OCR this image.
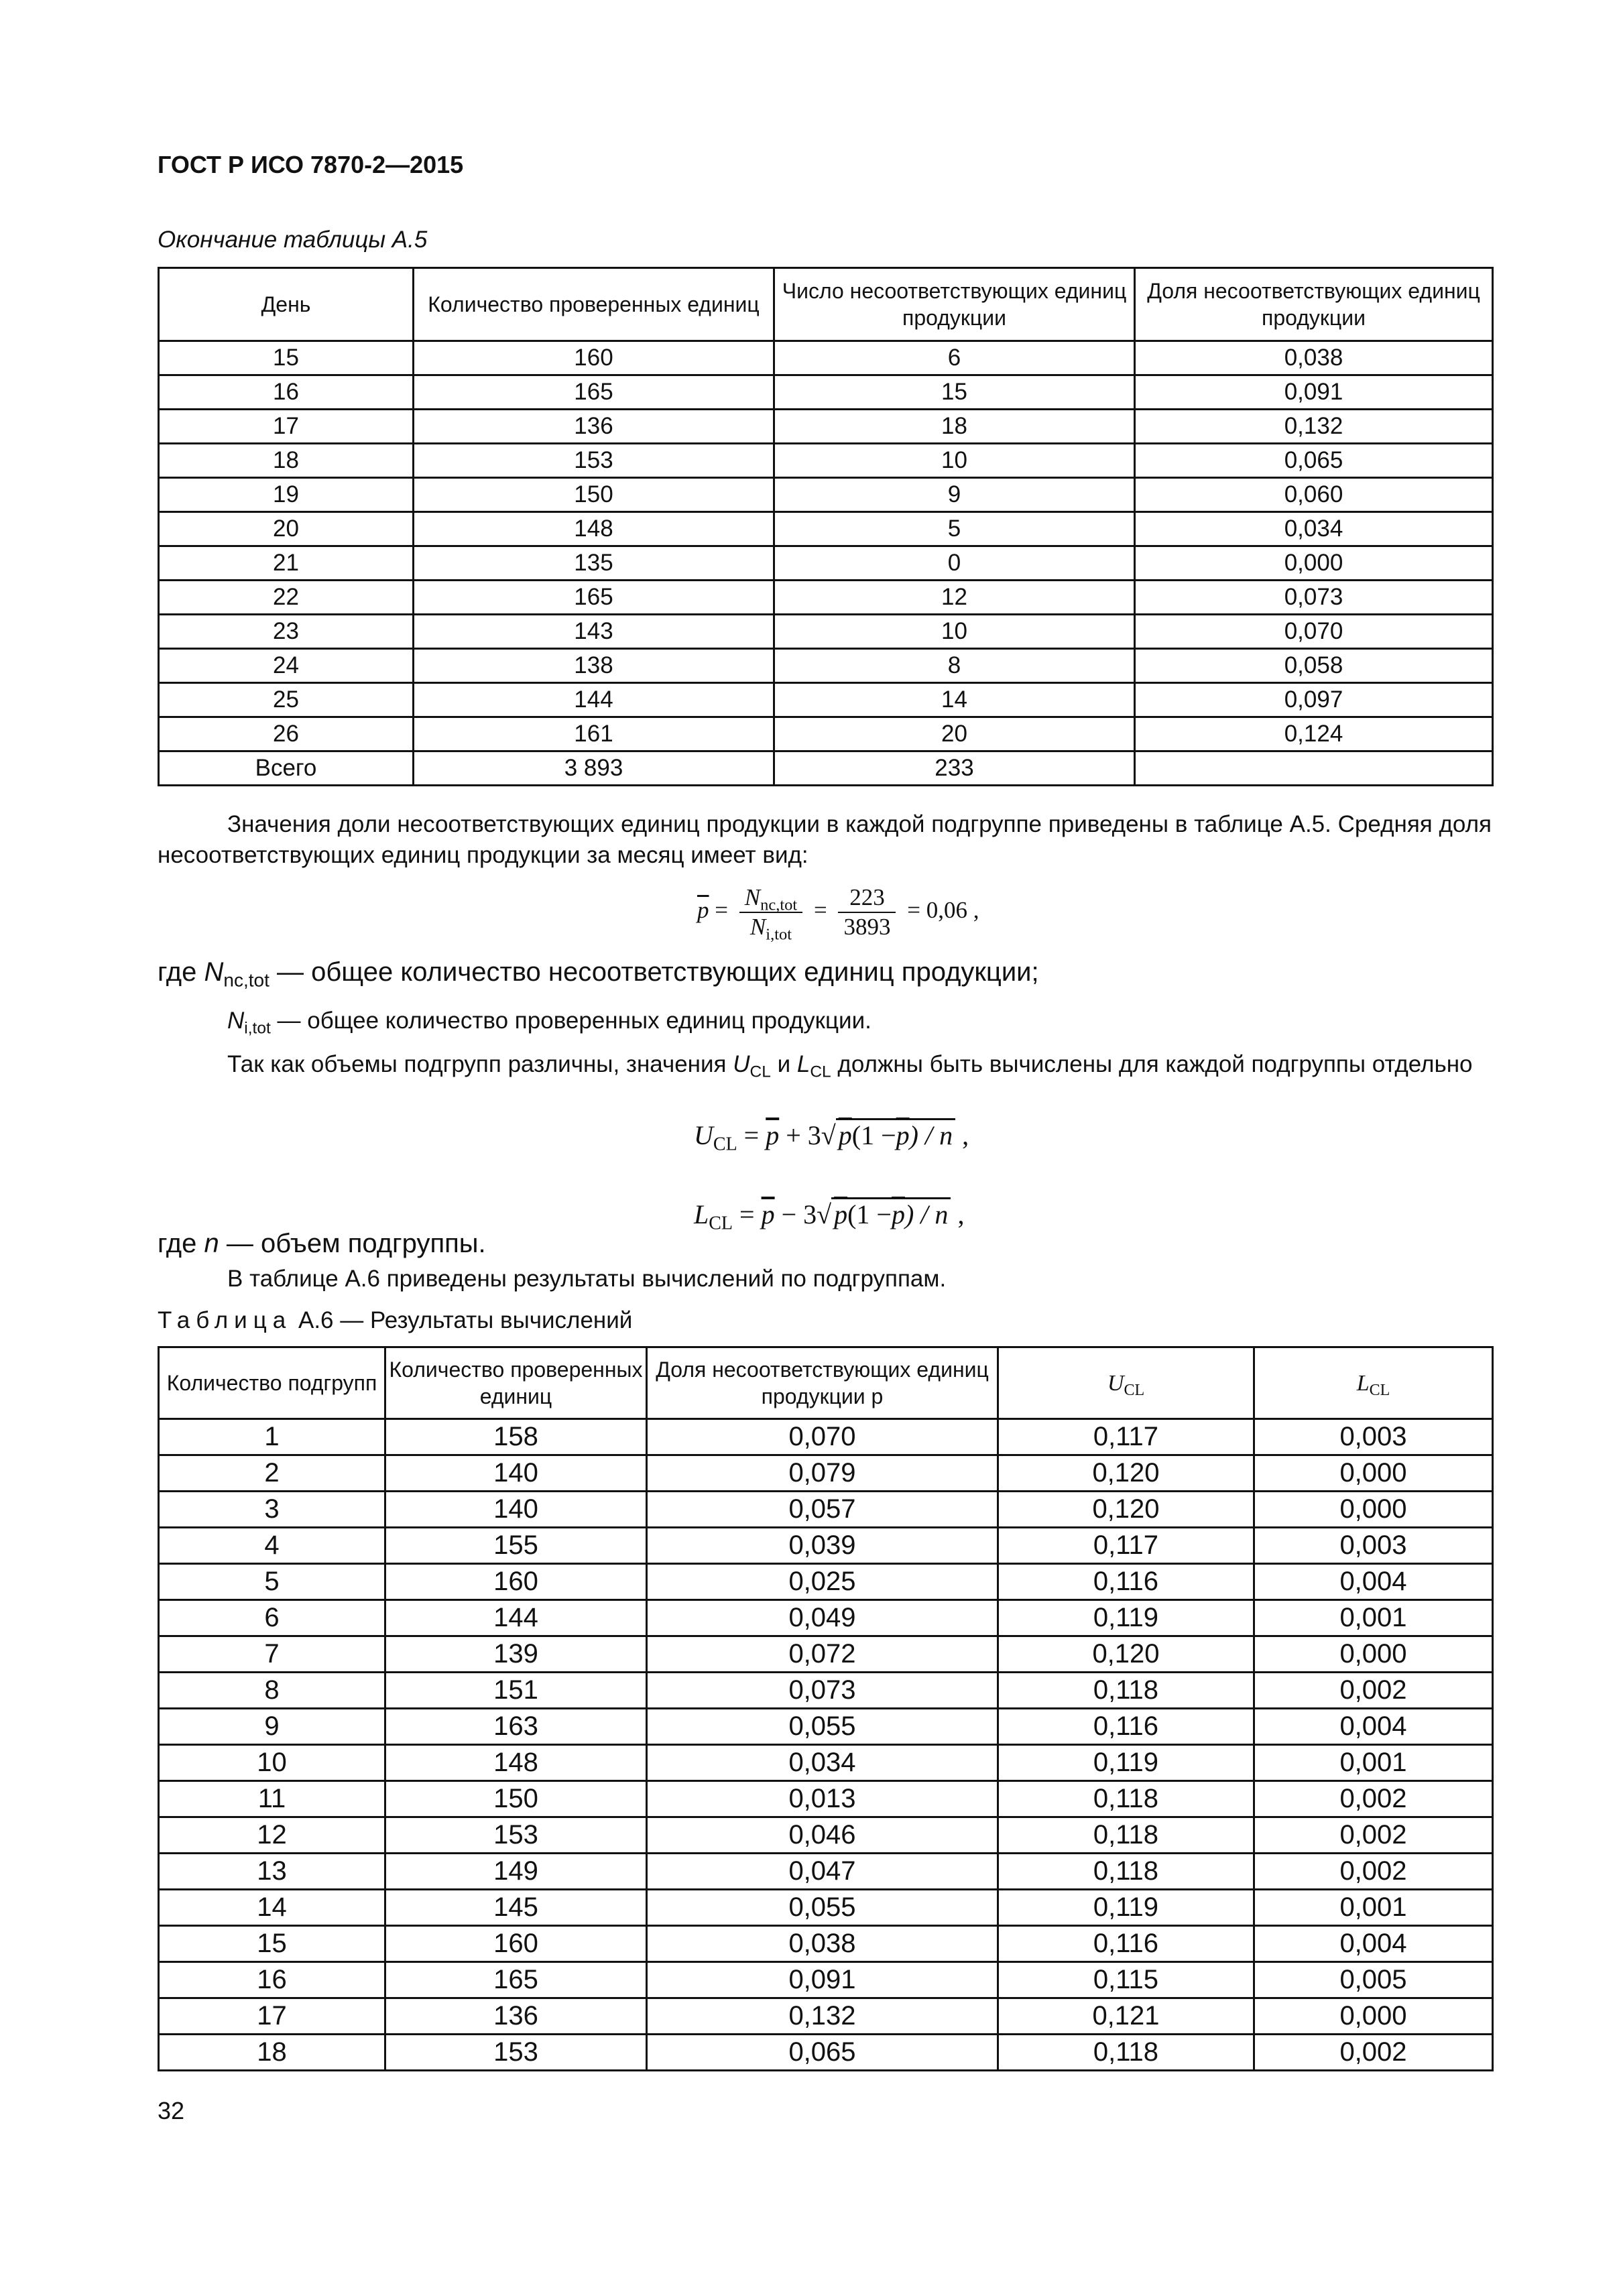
ГОСТ Р ИСО 7870-2—2015
Окончание таблицы А.5
День	Количество проверенных единиц	Число несоответствующих единиц продукции	Доля несоответствующих единиц продукции
15	160	6	0,038
16	165	15	0,091
17	136	18	0,132
18	153	10	0,065
19	150	9	0,060
20	148	5	0,034
21	135	0	0,000
22	165	12	0,073
23	143	10	0,070
24	138	8	0,058
25	144	14	0,097
26	161	20	0,124
Всего	3 893	233	
Значения доли несоответствующих единиц продукции в каждой подгруппе приведены в таблице А.5. Средняя доля несоответствующих единиц продукции за месяц имеет вид:
$\overline{p} = \frac{N_{nc,tot}}{N_{i,tot}} = \frac{223}{3893} = 0,06$ ,
где $N_{nc,tot}$ — общее количество несоответствующих единиц продукции;
$N_{i,tot}$ — общее количество проверенных единиц продукции.
Так как объемы подгрупп различны, значения $U_{CL}$ и $L_{CL}$ должны быть вычислены для каждой подгруппы отдельно
$U_{CL} = \overline{p} + 3√$ $p(1 -\overline{p}) / n$ ,
$L_{CL} = \overline{p} - 3√$ $p(1 -\overline{p}) / n$ ,
где n — объем подгруппы.
В таблице А.6 приведены результаты вычислений по подгруппам.
Таблица А.6 — Результаты вычислений
Количество подгрупп	Количество проверенных единиц	Доля несоответствующих единиц продукции p	$U_{CL}$	$L_{CL}$
1	158	0,070	0,117	0,003
2	140	0,079	0,120	0,000
3	140	0,057	0,120	0,000
4	155	0,039	0,117	0,003
5	160	0,025	0,116	0,004
6	144	0,049	0,119	0,001
7	139	0,072	0,120	0,000
8	151	0,073	0,118	0,002
9	163	0,055	0,116	0,004
10	148	0,034	0,119	0,001
11	150	0,013	0,118	0,002
12	153	0,046	0,118	0,002
13	149	0,047	0,118	0,002
14	145	0,055	0,119	0,001
15	160	0,038	0,116	0,004
16	165	0,091	0,115	0,005
17	136	0,132	0,121	0,000
18	153	0,065	0,118	0,002
32
